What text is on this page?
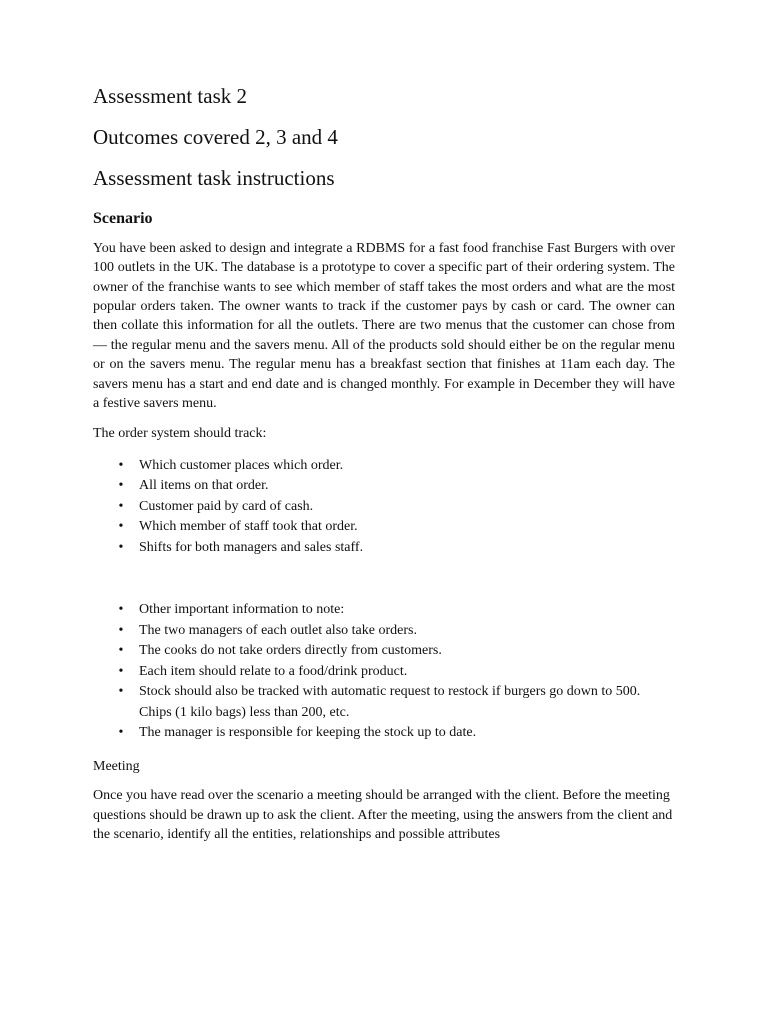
Assessment task 2

Outcomes covered 2, 3 and 4

Assessment task instructions

Scenario

You have been asked to design and integrate a RDBMS for a fast food franchise Fast Burgers with over 100 outlets in the UK. The database is a prototype to cover a specific part of their ordering system. The owner of the franchise wants to see which member of staff takes the most orders and what are the most popular orders taken. The owner wants to track if the customer pays by cash or card. The owner can then collate this information for all the outlets. There are two menus that the customer can chose from — the regular menu and the savers menu. All of the products sold should either be on the regular menu or on the savers menu. The regular menu has a breakfast section that finishes at 11am each day. The savers menu has a start and end date and is changed monthly. For example in December they will have a festive savers menu.

The order system should track:

• Which customer places which order.
• All items on that order.
• Customer paid by card of cash.
• Which member of staff took that order.
• Shifts for both managers and sales staff.
• Other important information to note:
• The two managers of each outlet also take orders.
• The cooks do not take orders directly from customers.
• Each item should relate to a food/drink product.
• Stock should also be tracked with automatic request to restock if burgers go down to 500. Chips (1 kilo bags) less than 200, etc.
• The manager is responsible for keeping the stock up to date.

Meeting

Once you have read over the scenario a meeting should be arranged with the client. Before the meeting questions should be drawn up to ask the client. After the meeting, using the answers from the client and the scenario, identify all the entities, relationships and possible attributes
